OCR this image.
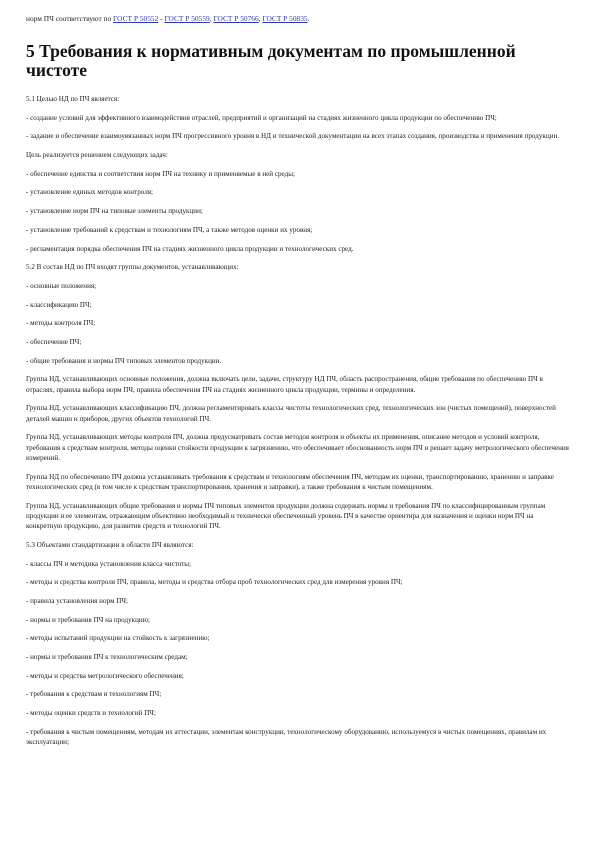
норм ПЧ соответствуют по ГОСТ Р 50552 - ГОСТ Р 50559, ГОСТ Р 50766, ГОСТ Р 50835.

5 Требования к нормативным документам по промышленной чистоте

5.1 Целью НД по ПЧ является:

- создание условий для эффективного взаимодействия отраслей, предприятий и организаций на стадиях жизненного цикла продукции по обеспечению ПЧ;

- задание и обеспечение взаимоувязанных норм ПЧ прогрессивного уровня в НД и технической документации на всех этапах создания, производства и применения продукции.

Цель реализуется решением следующих задач:

- обеспечение единства и соответствия норм ПЧ на технику и применяемые в ней среды;

- установление единых методов контроля;

- установление норм ПЧ на типовые элементы продукции;

- установление требований к средствам и технологиям ПЧ, а также методов оценки их уровня;

- регламентация порядка обеспечения ПЧ на стадиях жизненного цикла продукции и технологических сред.

5.2 В состав НД по ПЧ входят группы документов, устанавливающих:

- основные положения;

- классификацию ПЧ;

- методы контроля ПЧ;

- обеспечение ПЧ;

- общие требования и нормы ПЧ типовых элементов продукции.

Группа НД, устанавливающих основные положения, должна включать цели, задачи, структуру НД ПЧ, область распространения, общие требования по обеспечению ПЧ в отраслях, правила выбора норм ПЧ, правила обеспечения ПЧ на стадиях жизненного цикла продукции, термины и определения.

Группа НД, устанавливающих классификацию ПЧ, должна регламентировать классы чистоты технологических сред, технологических зон (чистых помещений), поверхностей деталей машин и приборов, других объектов технологий ПЧ.

Группа НД, устанавливающих методы контроля ПЧ, должна предусматривать состав методов контроля и объекты их применения, описание методов и условий контроля, требования к средствам контроля, методы оценки стойкости продукции к загрязнению, что обеспечивает обоснованность норм ПЧ и решает задачу метрологического обеспечения измерений.

Группа НД по обеспечению ПЧ должна устанавливать требования к средствам и технологиям обеспечения ПЧ, методам их оценки, транспортированию, хранению и заправке технологических сред (в том числе к средствам транспортирования, хранения и заправки), а также требования к чистым помещениям.

Группа НД, устанавливающих общие требования и нормы ПЧ типовых элементов продукции должна содержать нормы и требования ПЧ по классифицированным группам продукции и ее элементам, отражающим объективно необходимый и технически обеспеченный уровень ПЧ в качестве ориентира для назначения и оценки норм ПЧ на конкретную продукцию, для развития средств и технологий ПЧ.

5.3 Объектами стандартизации в области ПЧ являются:

- классы ПЧ и методика установления класса чистоты;

- методы и средства контроля ПЧ, правила, методы и средства отбора проб технологических сред для измерения уровня ПЧ;

- правила установления норм ПЧ;

- нормы и требования ПЧ на продукцию;

- методы испытаний продукции на стойкость к загрязнению;

- нормы и требования ПЧ к технологическим средам;

- методы и средства метрологического обеспечения;

- требования к средствам и технологиям ПЧ;

- методы оценки средств и технологий ПЧ;

- требования к чистым помещениям, методам их аттестации, элементам конструкции, технологическому оборудованию, используемуся в чистых помещениях, правилам их эксплуатации;
